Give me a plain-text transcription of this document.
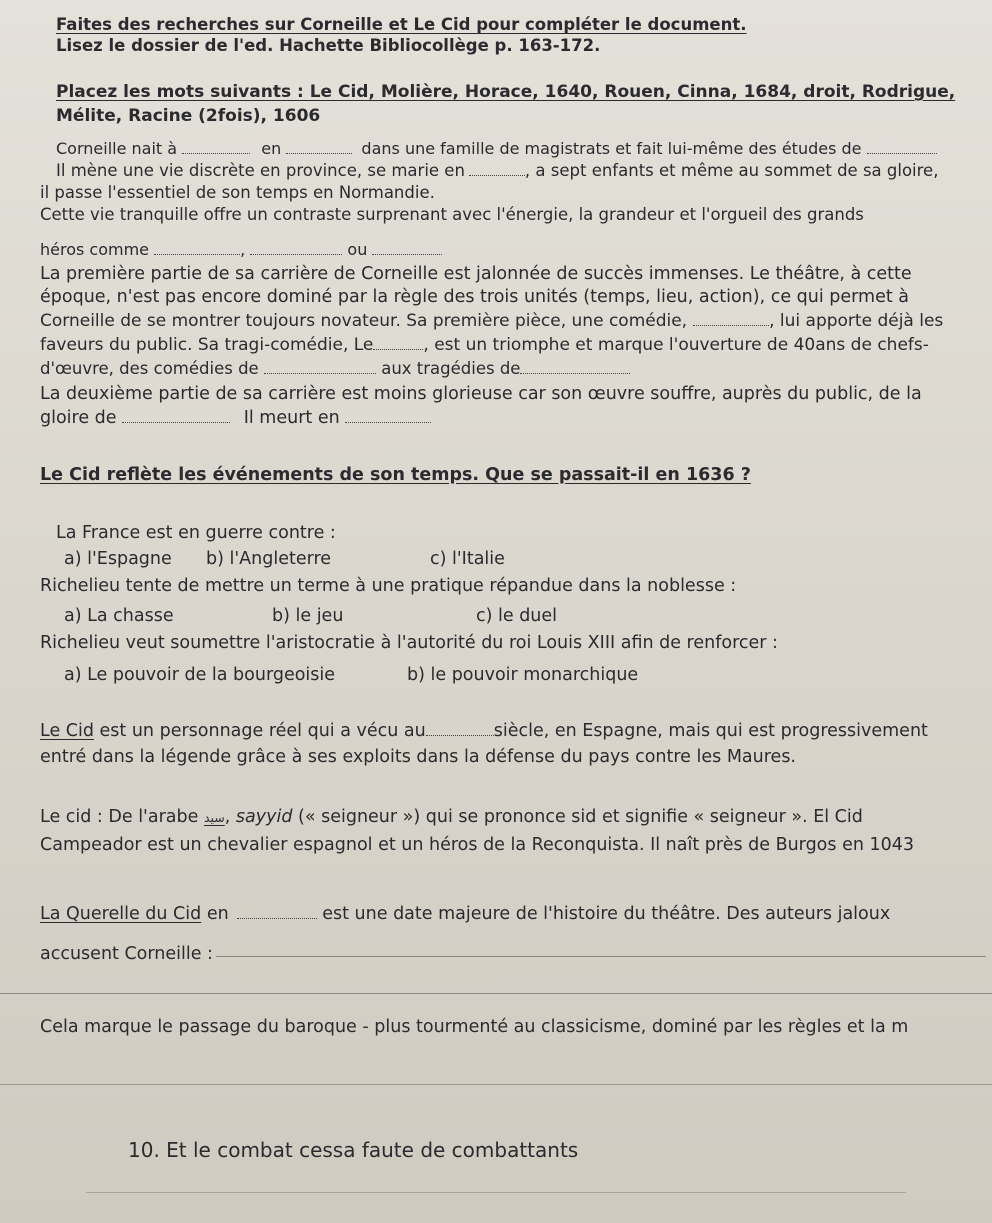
Faites des recherches sur Corneille et Le Cid pour compléter le document.
Lisez le dossier de l'ed. Hachette Bibliocollège p. 163-172.
Placez les mots suivants : Le Cid, Molière, Horace, 1640, Rouen, Cinna, 1684, droit, Rodrigue,
Mélite, Racine (2fois), 1606
Corneille nait à	en	dans une famille de magistrats et fait lui-même des études de
Il mène une vie discrète en province, se marie en	, a sept enfants et même au sommet de sa gloire,
il passe l'essentiel de son temps en Normandie.
Cette vie tranquille offre un contraste surprenant avec l'énergie, la grandeur et l'orgueil des grands
héros comme	,	ou
La première partie de sa carrière de Corneille est jalonnée de succès immenses. Le théâtre, à cette
époque, n'est pas encore dominé par la règle des trois unités (temps, lieu, action), ce qui permet à
Corneille de se montrer toujours novateur. Sa première pièce, une comédie,	, lui apporte déjà les
faveurs du public. Sa tragi-comédie, Le	, est un triomphe et marque l'ouverture de 40ans de chefs-
d'œuvre, des comédies de	aux tragédies de
La deuxième partie de sa carrière est moins glorieuse car son œuvre souffre, auprès du public, de la
gloire de	Il meurt en
Le Cid reflète les événements de son temps. Que se passait-il en 1636 ?
La France est en guerre contre :
a) l'Espagne b) l'Angleterre	c) l'Italie
Richelieu tente de mettre un terme à une pratique répandue dans la noblesse :
a) La chasse	b) le jeu	c) le duel
Richelieu veut soumettre l'aristocratie à l'autorité du roi Louis XIII afin de renforcer :
a) Le pouvoir de la bourgeoisie	b) le pouvoir monarchique
Le Cid est un personnage réel qui a vécu au	siècle, en Espagne, mais qui est progressivement
entré dans la légende grâce à ses exploits dans la défense du pays contre les Maures.
Le cid : De l'arabe سيد, sayyid (« seigneur ») qui se prononce sid et signifie « seigneur ». El Cid
Campeador est un chevalier espagnol et un héros de la Reconquista. Il naît près de Burgos en 1043
La Querelle du Cid en	est une date majeure de l'histoire du théâtre. Des auteurs jaloux
accusent Corneille :
Cela marque le passage du baroque - plus tourmenté au classicisme, dominé par les règles et la m
10. Et le combat cessa faute de combattants
